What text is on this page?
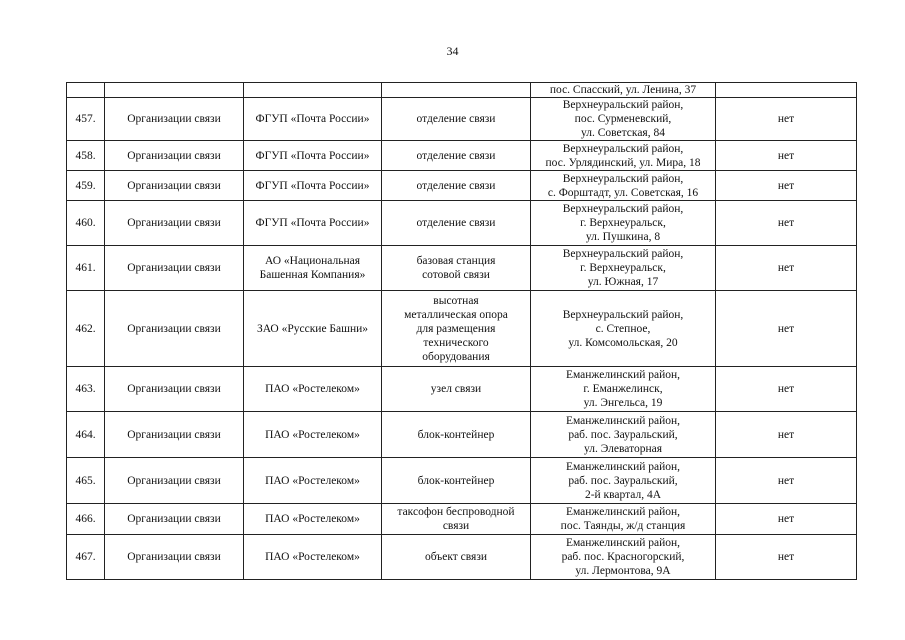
34
				пос. Спасский, ул. Ленина, 37	
457.	Организации связи	ФГУП «Почта России»	отделение связи	Верхнеуральский район,
пос. Сурменевский,
ул. Советская, 84	нет
458.	Организации связи	ФГУП «Почта России»	отделение связи	Верхнеуральский район,
пос. Урлядинский, ул. Мира, 18	нет
459.	Организации связи	ФГУП «Почта России»	отделение связи	Верхнеуральский район,
с. Форштадт, ул. Советская, 16	нет
460.	Организации связи	ФГУП «Почта России»	отделение связи	Верхнеуральский район,
г. Верхнеуральск,
ул. Пушкина, 8	нет
461.	Организации связи	АО «Национальная
Башенная Компания»	базовая станция
сотовой связи	Верхнеуральский район,
г. Верхнеуральск,
ул. Южная, 17	нет
462.	Организации связи	ЗАО «Русские Башни»	высотная
металлическая опора
для размещения
технического
оборудования	Верхнеуральский район,
с. Степное,
ул. Комсомольская, 20	нет
463.	Организации связи	ПАО «Ростелеком»	узел связи	Еманжелинский район,
г. Еманжелинск,
ул. Энгельса, 19	нет
464.	Организации связи	ПАО «Ростелеком»	блок-контейнер	Еманжелинский район,
раб. пос. Зауральский,
ул. Элеваторная	нет
465.	Организации связи	ПАО «Ростелеком»	блок-контейнер	Еманжелинский район,
раб. пос. Зауральский,
2-й квартал, 4А	нет
466.	Организации связи	ПАО «Ростелеком»	таксофон беспроводной
связи	Еманжелинский район,
пос. Таянды, ж/д станция	нет
467.	Организации связи	ПАО «Ростелеком»	объект связи	Еманжелинский район,
раб. пос. Красногорский,
ул. Лермонтова, 9А	нет
